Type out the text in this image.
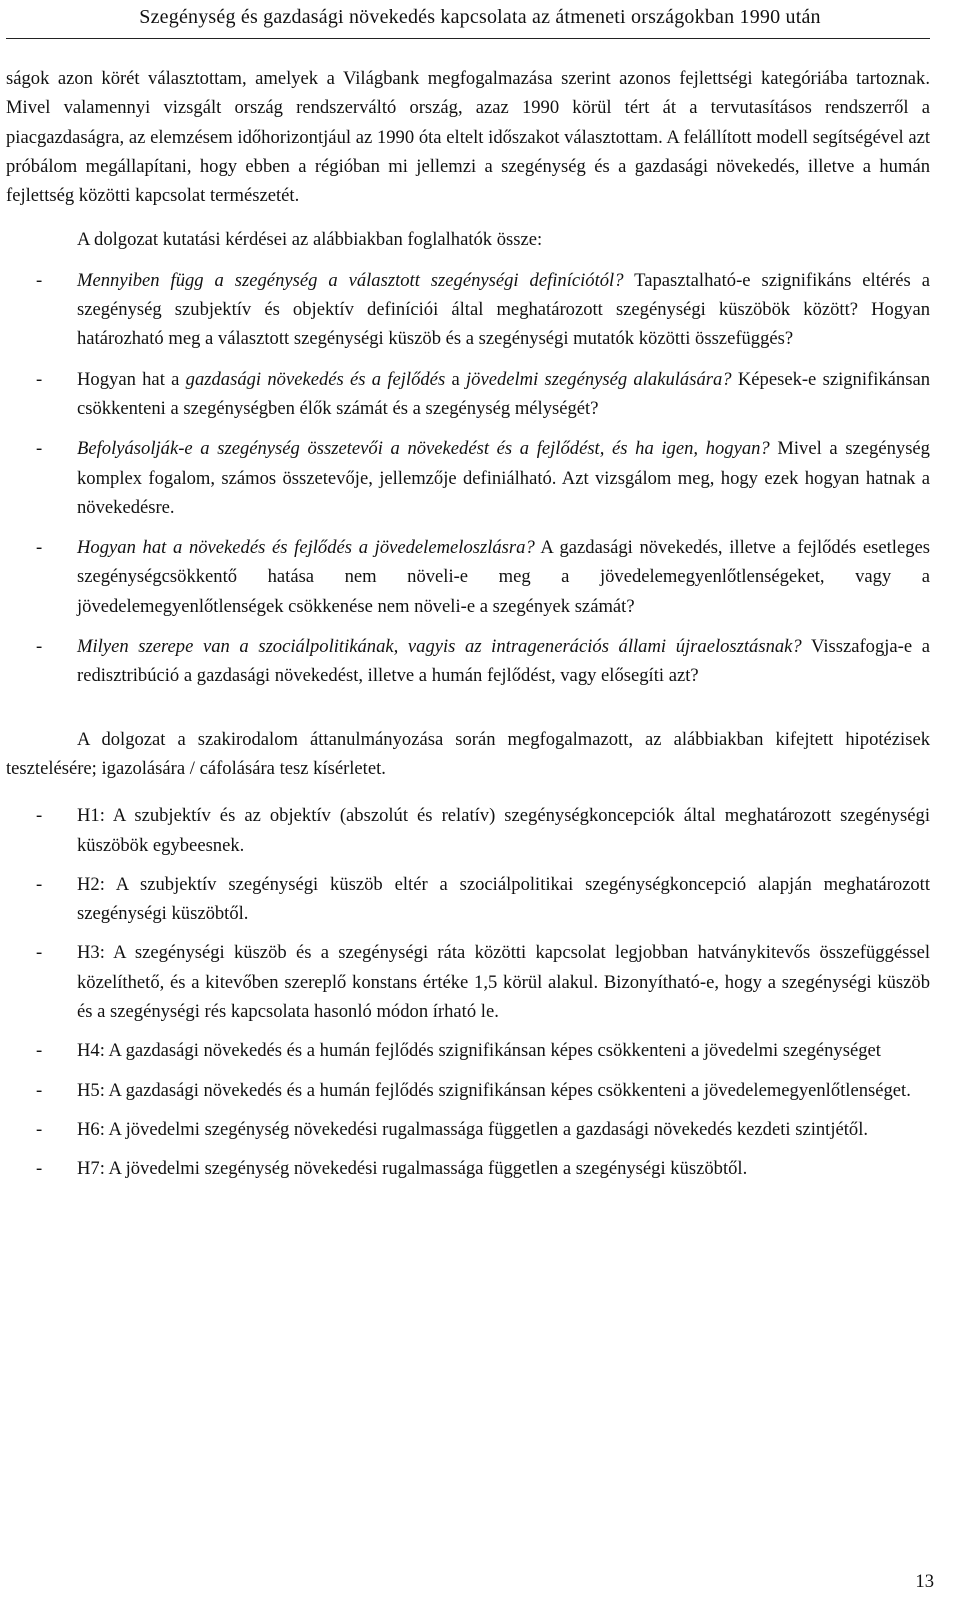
Szegénység és gazdasági növekedés kapcsolata az átmeneti országokban 1990 után

ságok azon körét választottam, amelyek a Világbank megfogalmazása szerint azonos fejlettségi kategóriába tartoznak. Mivel valamennyi vizsgált ország rendszerváltó ország, azaz 1990 körül tért át a tervutasításos rendszerről a piacgazdaságra, az elemzésem időhorizontjául az 1990 óta eltelt időszakot választottam. A felállított modell segítségével azt próbálom megállapítani, hogy ebben a régióban mi jellemzi a szegénység és a gazdasági növekedés, illetve a humán fejlettség közötti kapcsolat természetét.

A dolgozat kutatási kérdései az alábbiakban foglalhatók össze:

- Mennyiben függ a szegénység a választott szegénységi definíciótól? Tapasztalható-e szignifikáns eltérés a szegénység szubjektív és objektív definíciói által meghatározott szegénységi küszöbök között? Hogyan határozható meg a választott szegénységi küszöb és a szegénységi mutatók közötti összefüggés?
- Hogyan hat a gazdasági növekedés és a fejlődés a jövedelmi szegénység alakulására? Képesek-e szignifikánsan csökkenteni a szegénységben élők számát és a szegénység mélységét?
- Befolyásolják-e a szegénység összetevői a növekedést és a fejlődést, és ha igen, hogyan? Mivel a szegénység komplex fogalom, számos összetevője, jellemzője definiálható. Azt vizsgálom meg, hogy ezek hogyan hatnak a növekedésre.
- Hogyan hat a növekedés és fejlődés a jövedelemeloszlásra? A gazdasági növekedés, illetve a fejlődés esetleges szegénységcsökkentő hatása nem növeli-e meg a jövedelemegyenlőtlenségeket, vagy a jövedelemegyenlőtlenségek csökkenése nem növeli-e a szegények számát?
- Milyen szerepe van a szociálpolitikának, vagyis az intragenerációs állami újraelosztásnak? Visszafogja-e a redisztribúció a gazdasági növekedést, illetve a humán fejlődést, vagy elősegíti azt?

A dolgozat a szakirodalom áttanulmányozása során megfogalmazott, az alábbiakban kifejtett hipotézisek tesztelésére; igazolására / cáfolására tesz kísérletet.

- H1: A szubjektív és az objektív (abszolút és relatív) szegénységkoncepciók által meghatározott szegénységi küszöbök egybeesnek.
- H2: A szubjektív szegénységi küszöb eltér a szociálpolitikai szegénységkoncepció alapján meghatározott szegénységi küszöbtől.
- H3: A szegénységi küszöb és a szegénységi ráta közötti kapcsolat legjobban hatványkitevős összefüggéssel közelíthető, és a kitevőben szereplő konstans értéke 1,5 körül alakul. Bizonyítható-e, hogy a szegénységi küszöb és a szegénységi rés kapcsolata hasonló módon írható le.
- H4: A gazdasági növekedés és a humán fejlődés szignifikánsan képes csökkenteni a jövedelmi szegénységet
- H5: A gazdasági növekedés és a humán fejlődés szignifikánsan képes csökkenteni a jövedelemegyenlőtlenséget.
- H6: A jövedelmi szegénység növekedési rugalmassága független a gazdasági növekedés kezdeti szintjétől.
- H7: A jövedelmi szegénység növekedési rugalmassága független a szegénységi küszöbtől.
13
